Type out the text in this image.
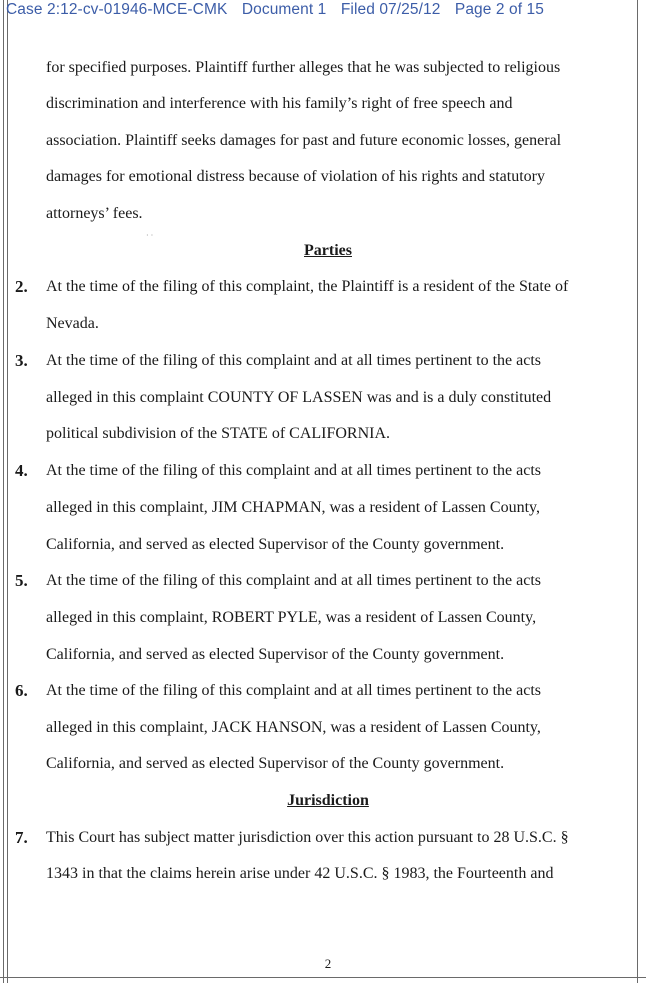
Case 2:12-cv-01946-MCE-CMK Document 1 Filed 07/25/12 Page 2 of 15
for specified purposes. Plaintiff further alleges that he was subjected to religious
discrimination and interference with his family’s right of free speech and
association. Plaintiff seeks damages for past and future economic losses, general
damages for emotional distress because of violation of his rights and statutory
attorneys’ fees.
· ·
Parties
2. At the time of the filing of this complaint, the Plaintiff is a resident of the State of
Nevada.
3. At the time of the filing of this complaint and at all times pertinent to the acts
alleged in this complaint COUNTY OF LASSEN was and is a duly constituted
political subdivision of the STATE of CALIFORNIA.
4. At the time of the filing of this complaint and at all times pertinent to the acts
alleged in this complaint, JIM CHAPMAN, was a resident of Lassen County,
California, and served as elected Supervisor of the County government.
5. At the time of the filing of this complaint and at all times pertinent to the acts
alleged in this complaint, ROBERT PYLE, was a resident of Lassen County,
California, and served as elected Supervisor of the County government.
6. At the time of the filing of this complaint and at all times pertinent to the acts
alleged in this complaint, JACK HANSON, was a resident of Lassen County,
California, and served as elected Supervisor of the County government.
Jurisdiction
7. This Court has subject matter jurisdiction over this action pursuant to 28 U.S.C. §
1343 in that the claims herein arise under 42 U.S.C. § 1983, the Fourteenth and
2
